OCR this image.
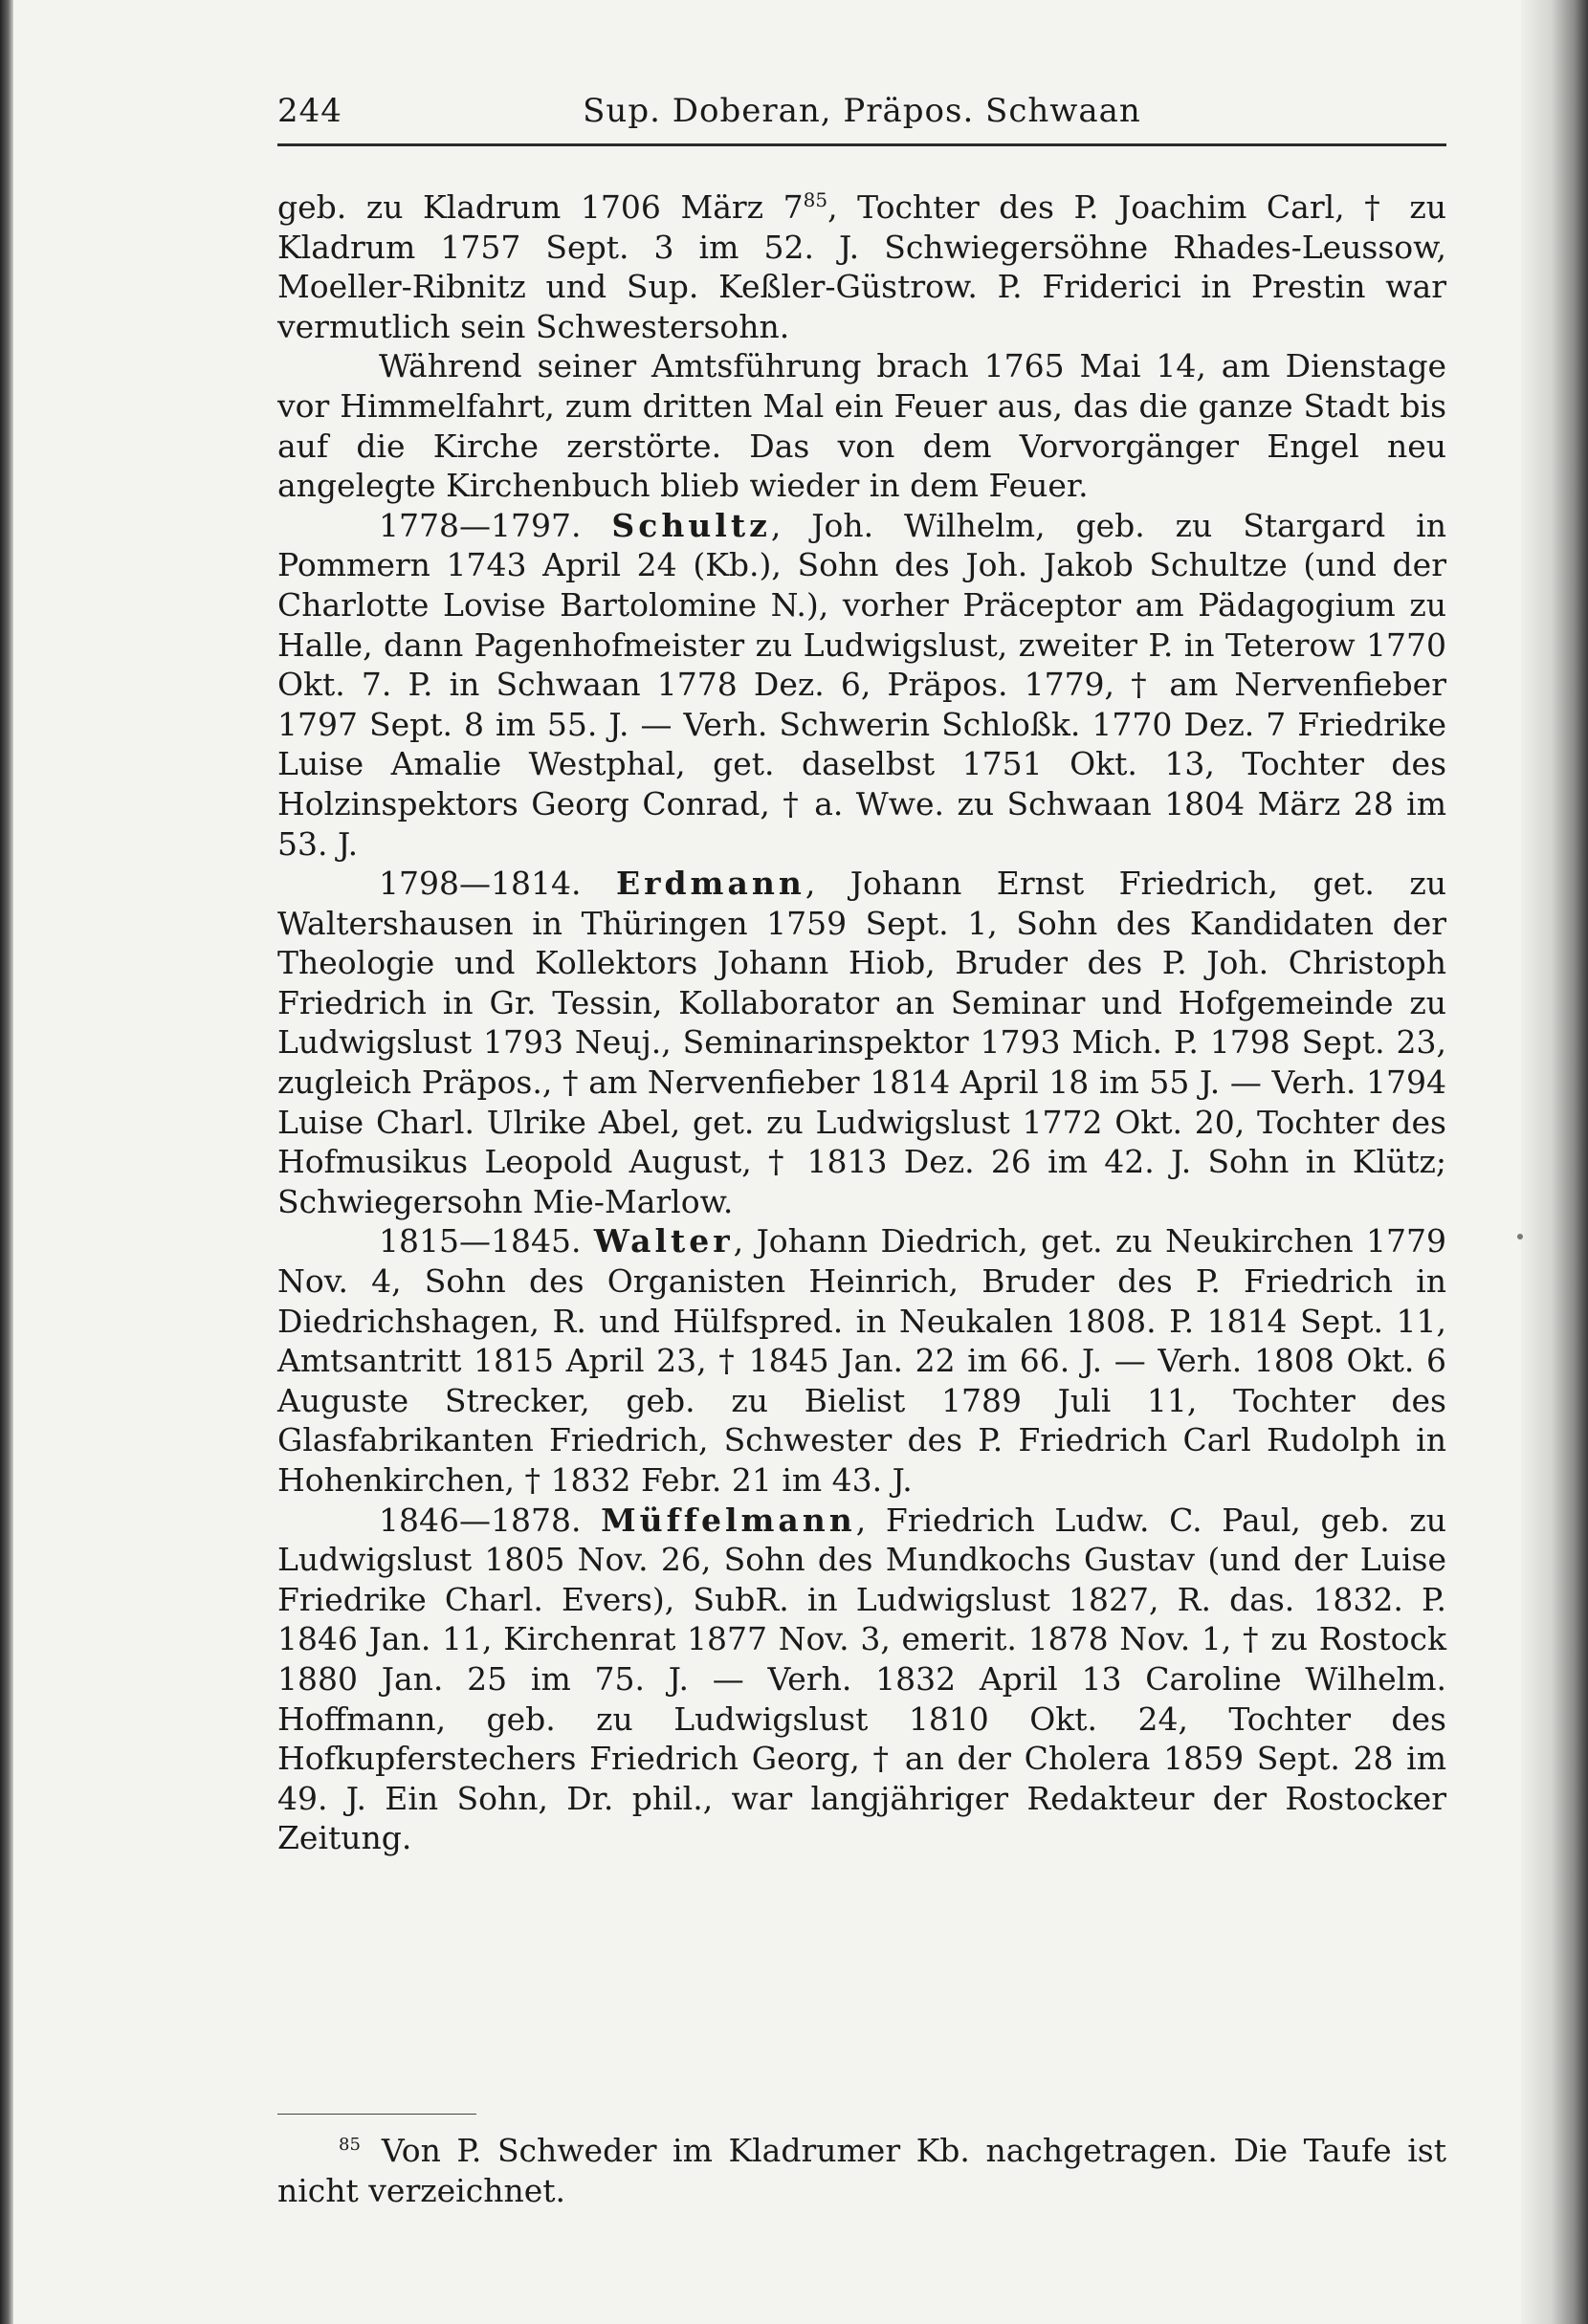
244	Sup. Doberan, Präpos. Schwaan

geb. zu Kladrum 1706 März $7^{85}$, Tochter des P. Joachim Carl, † zu Kladrum 1757 Sept. 3 im 52. J. Schwiegersöhne Rhades-Leussow, Moeller-Ribnitz und Sup. Keßler-Güstrow. P. Friderici in Prestin war vermutlich sein Schwestersohn.

Während seiner Amtsführung brach 1765 Mai 14, am Dienstage vor Himmelfahrt, zum dritten Mal ein Feuer aus, das die ganze Stadt bis auf die Kirche zerstörte. Das von dem Vorvorgänger Engel neu angelegte Kirchenbuch blieb wieder in dem Feuer.

1778—1797. Schultz, Joh. Wilhelm, geb. zu Stargard in Pommern 1743 April 24 (Kb.), Sohn des Joh. Jakob Schultze (und der Charlotte Lovise Bartolomine N.), vorher Präceptor am Pädagogium zu Halle, dann Pagenhofmeister zu Ludwigslust, zweiter P. in Teterow 1770 Okt. 7. P. in Schwaan 1778 Dez. 6, Präpos. 1779, † am Nervenfieber 1797 Sept. 8 im 55. J. — Verh. Schwerin Schloßk. 1770 Dez. 7 Friedrike Luise Amalie Westphal, get. daselbst 1751 Okt. 13, Tochter des Holzinspektors Georg Conrad, † a. Wwe. zu Schwaan 1804 März 28 im 53. J.

1798—1814. Erdmann, Johann Ernst Friedrich, get. zu Waltershausen in Thüringen 1759 Sept. 1, Sohn des Kandidaten der Theologie und Kollektors Johann Hiob, Bruder des P. Joh. Christoph Friedrich in Gr. Tessin, Kollaborator an Seminar und Hofgemeinde zu Ludwigslust 1793 Neuj., Seminarinspektor 1793 Mich. P. 1798 Sept. 23, zugleich Präpos., † am Nervenfieber 1814 April 18 im 55 J. — Verh. 1794 Luise Charl. Ulrike Abel, get. zu Ludwigslust 1772 Okt. 20, Tochter des Hofmusikus Leopold August, † 1813 Dez. 26 im 42. J. Sohn in Klütz; Schwiegersohn Mie-Marlow.

1815—1845. Walter, Johann Diedrich, get. zu Neukirchen 1779 Nov. 4, Sohn des Organisten Heinrich, Bruder des P. Friedrich in Diedrichshagen, R. und Hülfspred. in Neukalen 1808. P. 1814 Sept. 11, Amtsantritt 1815 April 23, † 1845 Jan. 22 im 66. J. — Verh. 1808 Okt. 6 Auguste Strecker, geb. zu Bielist 1789 Juli 11, Tochter des Glasfabrikanten Friedrich, Schwester des P. Friedrich Carl Rudolph in Hohenkirchen, † 1832 Febr. 21 im 43. J.

1846—1878. Müffelmann, Friedrich Ludw. C. Paul, geb. zu Ludwigslust 1805 Nov. 26, Sohn des Mundkochs Gustav (und der Luise Friedrike Charl. Evers), SubR. in Ludwigslust 1827, R. das. 1832. P. 1846 Jan. 11, Kirchenrat 1877 Nov. 3, emerit. 1878 Nov. 1, † zu Rostock 1880 Jan. 25 im 75. J. — Verh. 1832 April 13 Caroline Wilhelm. Hoffmann, geb. zu Ludwigslust 1810 Okt. 24, Tochter des Hofkupferstechers Friedrich Georg, † an der Cholera 1859 Sept. 28 im 49. J. Ein Sohn, Dr. phil., war langjähriger Redakteur der Rostocker Zeitung.

$^{85}$ Von P. Schweder im Kladrumer Kb. nachgetragen. Die Taufe ist nicht verzeichnet.
